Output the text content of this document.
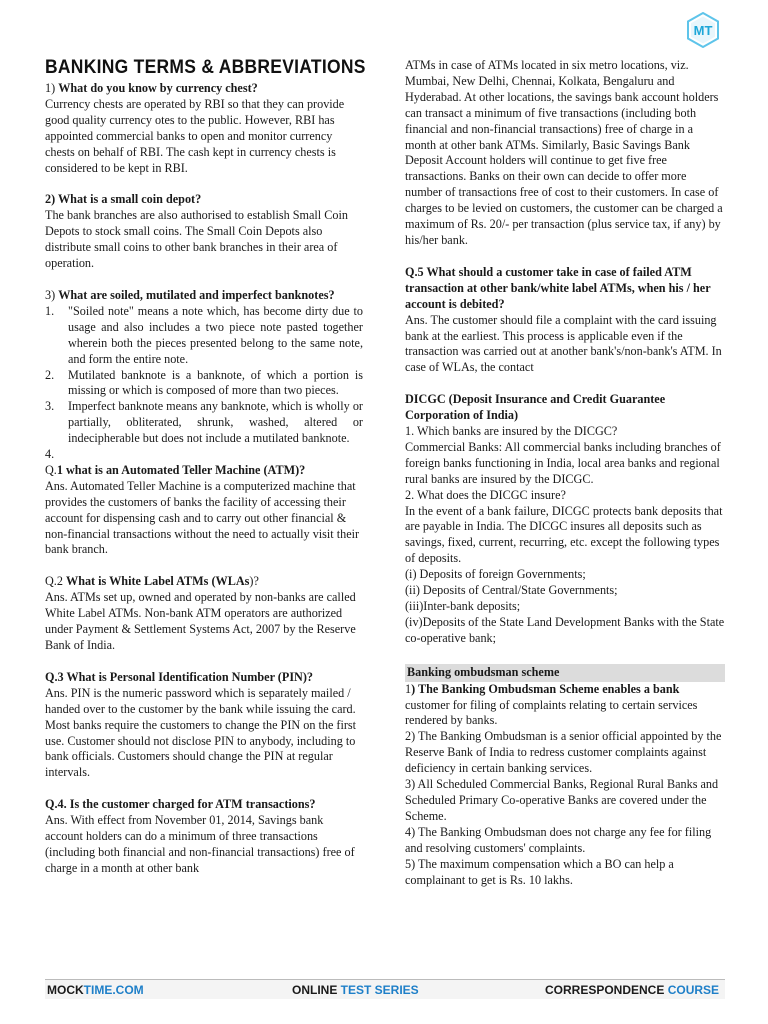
MT
BANKING TERMS & ABBREVIATIONS

1) What do you know by currency chest?

Currency chests are operated by RBI so that they can provide good quality currency otes to the public. However, RBI has appointed commercial banks to open and monitor currency chests on behalf of RBI. The cash kept in currency chests is considered to be kept in RBI.

2) What is a small coin depot?

The bank branches are also authorised to establish Small Coin Depots to stock small coins. The Small Coin Depots also distribute small coins to other bank branches in their area of operation.

3) What are soiled, mutilated and imperfect banknotes?

1. "Soiled note" means a note which, has become dirty due to usage and also includes a two piece note pasted together wherein both the pieces presented belong to the same note, and form the entire note.
2. Mutilated banknote is a banknote, of which a portion is missing or which is composed of more than two pieces.
3. Imperfect banknote means any banknote, which is wholly or partially, obliterated, shrunk, washed, altered or indecipherable but does not include a mutilated banknote.
4.

Q.1 what is an Automated Teller Machine (ATM)?

Ans. Automated Teller Machine is a computerized machine that provides the customers of banks the facility of accessing their account for dispensing cash and to carry out other financial & non-financial transactions without the need to actually visit their bank branch.

Q.2 What is White Label ATMs (WLAs)?

Ans. ATMs set up, owned and operated by non-banks are called White Label ATMs. Non-bank ATM operators are authorized under Payment & Settlement Systems Act, 2007 by the Reserve Bank of India.

Q.3 What is Personal Identification Number (PIN)?

Ans. PIN is the numeric password which is separately mailed / handed over to the customer by the bank while issuing the card. Most banks require the customers to change the PIN on the first use. Customer should not disclose PIN to anybody, including to bank officials. Customers should change the PIN at regular intervals.

Q.4. Is the customer charged for ATM transactions?

Ans. With effect from November 01, 2014, Savings bank account holders can do a minimum of three transactions (including both financial and non-financial transactions) free of charge in a month at other bank

ATMs in case of ATMs located in six metro locations, viz. Mumbai, New Delhi, Chennai, Kolkata, Bengaluru and Hyderabad. At other locations, the savings bank account holders can transact a minimum of five transactions (including both financial and non-financial transactions) free of charge in a month at other bank ATMs. Similarly, Basic Savings Bank Deposit Account holders will continue to get five free transactions. Banks on their own can decide to offer more number of transactions free of cost to their customers. In case of charges to be levied on customers, the customer can be charged a maximum of Rs. 20/- per transaction (plus service tax, if any) by his/her bank.

Q.5 What should a customer take in case of failed ATM transaction at other bank/white label ATMs, when his / her account is debited?

Ans. The customer should file a complaint with the card issuing bank at the earliest. This process is applicable even if the transaction was carried out at another bank's/non-bank's ATM. In case of WLAs, the contact

DICGC (Deposit Insurance and Credit Guarantee Corporation of India)

1. Which banks are insured by the DICGC?

Commercial Banks: All commercial banks including branches of foreign banks functioning in India, local area banks and regional rural banks are insured by the DICGC.

2. What does the DICGC insure?

In the event of a bank failure, DICGC protects bank deposits that are payable in India. The DICGC insures all deposits such as savings, fixed, current, recurring, etc. except the following types of deposits.

(i) Deposits of foreign Governments;

(ii) Deposits of Central/State Governments;

(iii)Inter-bank deposits;

(iv)Deposits of the State Land Development Banks with the State co-operative bank;

Banking ombudsman scheme

1) The Banking Ombudsman Scheme enables a bank

customer for filing of complaints relating to certain services rendered by banks.

2) The Banking Ombudsman is a senior official appointed by the Reserve Bank of India to redress customer complaints against deficiency in certain banking services.

3) All Scheduled Commercial Banks, Regional Rural Banks and Scheduled Primary Co-operative Banks are covered under the Scheme.

4) The Banking Ombudsman does not charge any fee for filing and resolving customers' complaints.

5) The maximum compensation which a BO can help a complainant to get is Rs. 10 lakhs.

MOCKTIME.COM	ONLINE TEST SERIES	CORRESPONDENCE COURSE
